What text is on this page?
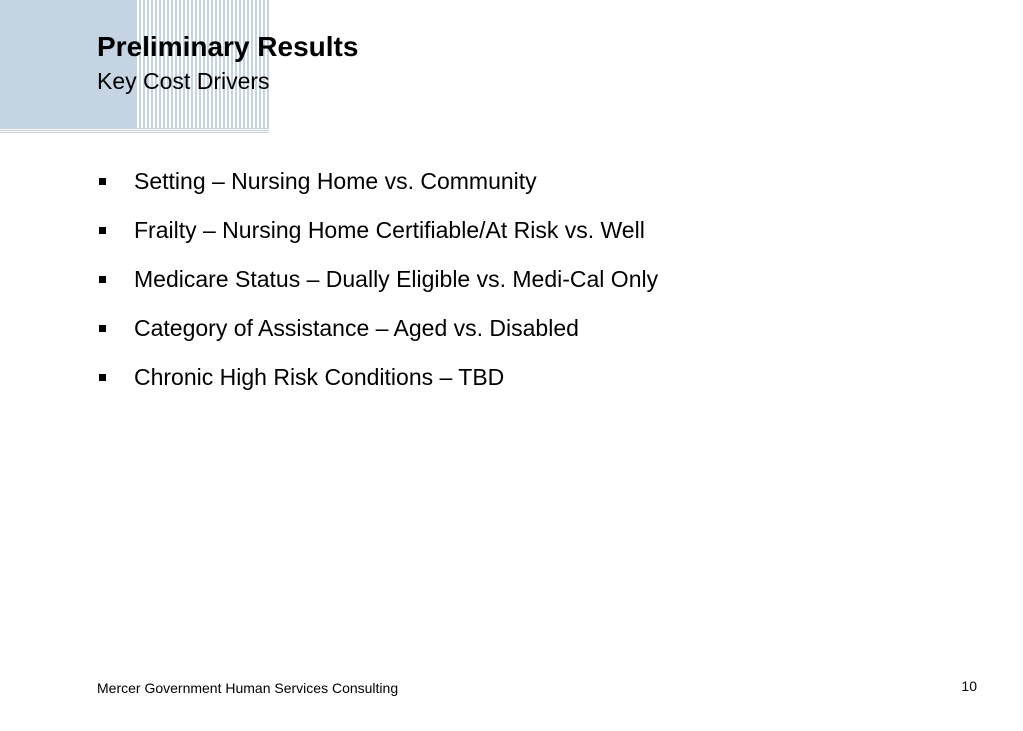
Preliminary Results
Key Cost Drivers
Setting – Nursing Home vs. Community
Frailty – Nursing Home Certifiable/At Risk vs. Well
Medicare Status – Dually Eligible vs. Medi-Cal Only
Category of Assistance – Aged vs. Disabled
Chronic High Risk Conditions – TBD
Mercer Government Human Services Consulting	10
